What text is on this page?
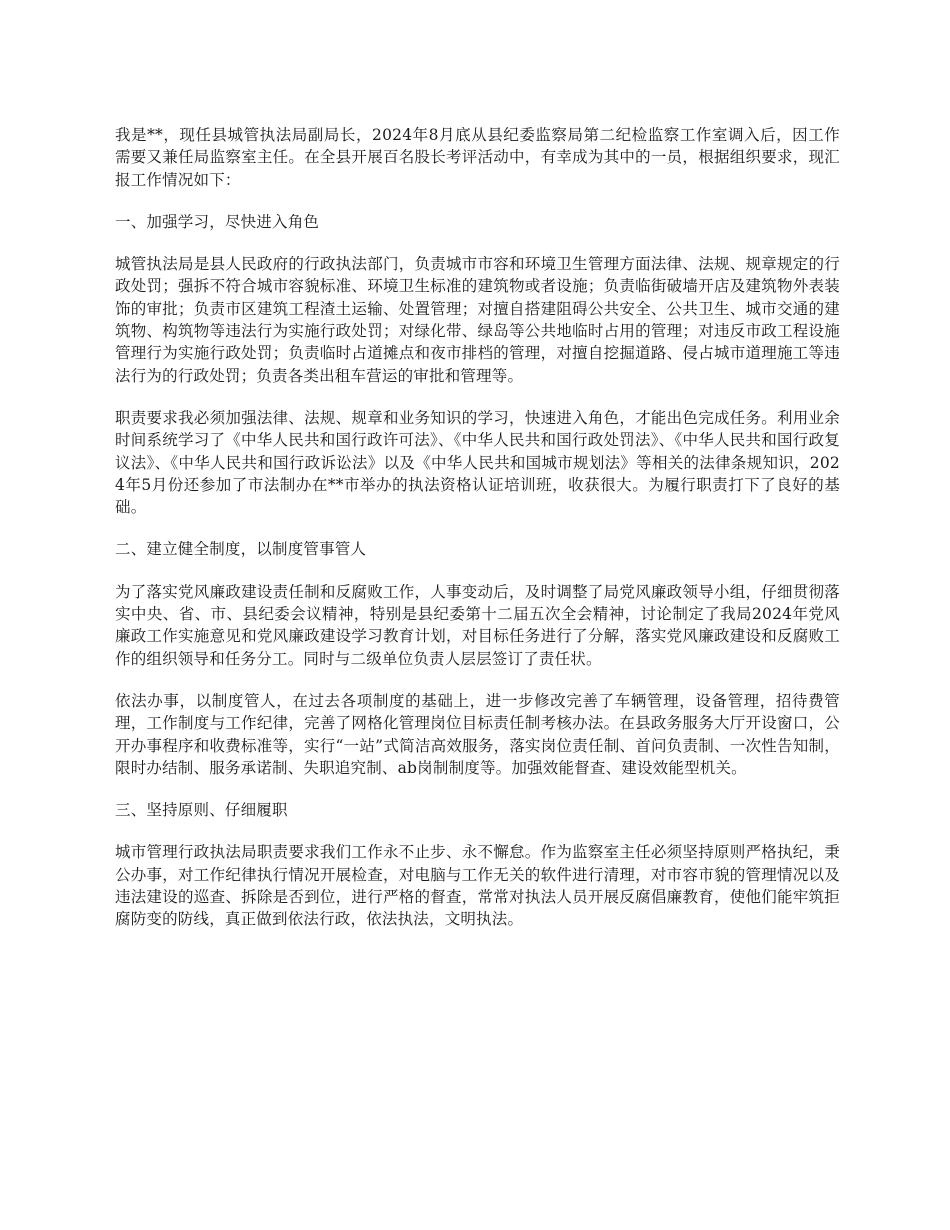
我是**，现任县城管执法局副局长，2024年8月底从县纪委监察局第二纪检监察工作室调入后，因工作需要又兼任局监察室主任。在全县开展百名股长考评活动中，有幸成为其中的一员，根据组织要求，现汇报工作情况如下：

一、加强学习，尽快进入角色

城管执法局是县人民政府的行政执法部门，负责城市市容和环境卫生管理方面法律、法规、规章规定的行政处罚；强拆不符合城市容貌标准、环境卫生标准的建筑物或者设施；负责临街破墙开店及建筑物外表装饰的审批；负责市区建筑工程渣土运输、处置管理；对擅自搭建阻碍公共安全、公共卫生、城市交通的建筑物、构筑物等违法行为实施行政处罚；对绿化带、绿岛等公共地临时占用的管理；对违反市政工程设施管理行为实施行政处罚；负责临时占道摊点和夜市排档的管理，对擅自挖掘道路、侵占城市道理施工等违法行为的行政处罚；负责各类出租车营运的审批和管理等。

职责要求我必须加强法律、法规、规章和业务知识的学习，快速进入角色，才能出色完成任务。利用业余时间系统学习了《中华人民共和国行政许可法》、《中华人民共和国行政处罚法》、《中华人民共和国行政复议法》、《中华人民共和国行政诉讼法》以及《中华人民共和国城市规划法》等相关的法律条规知识，2024年5月份还参加了市法制办在**市举办的执法资格认证培训班，收获很大。为履行职责打下了良好的基础。

二、建立健全制度，以制度管事管人

为了落实党风廉政建设责任制和反腐败工作，人事变动后，及时调整了局党风廉政领导小组，仔细贯彻落实中央、省、市、县纪委会议精神，特别是县纪委第十二届五次全会精神，讨论制定了我局2024年党风廉政工作实施意见和党风廉政建设学习教育计划，对目标任务进行了分解，落实党风廉政建设和反腐败工作的组织领导和任务分工。同时与二级单位负责人层层签订了责任状。

依法办事，以制度管人，在过去各项制度的基础上，进一步修改完善了车辆管理，设备管理，招待费管理，工作制度与工作纪律，完善了网格化管理岗位目标责任制考核办法。在县政务服务大厅开设窗口，公开办事程序和收费标准等，实行“一站”式简洁高效服务，落实岗位责任制、首问负责制、一次性告知制，限时办结制、服务承诺制、失职追究制、ab岗制制度等。加强效能督查、建设效能型机关。

三、坚持原则、仔细履职

城市管理行政执法局职责要求我们工作永不止步、永不懈怠。作为监察室主任必须坚持原则严格执纪，秉公办事，对工作纪律执行情况开展检查，对电脑与工作无关的软件进行清理，对市容市貌的管理情况以及违法建设的巡查、拆除是否到位，进行严格的督查，常常对执法人员开展反腐倡廉教育，使他们能牢筑拒腐防变的防线，真正做到依法行政，依法执法，文明执法。
